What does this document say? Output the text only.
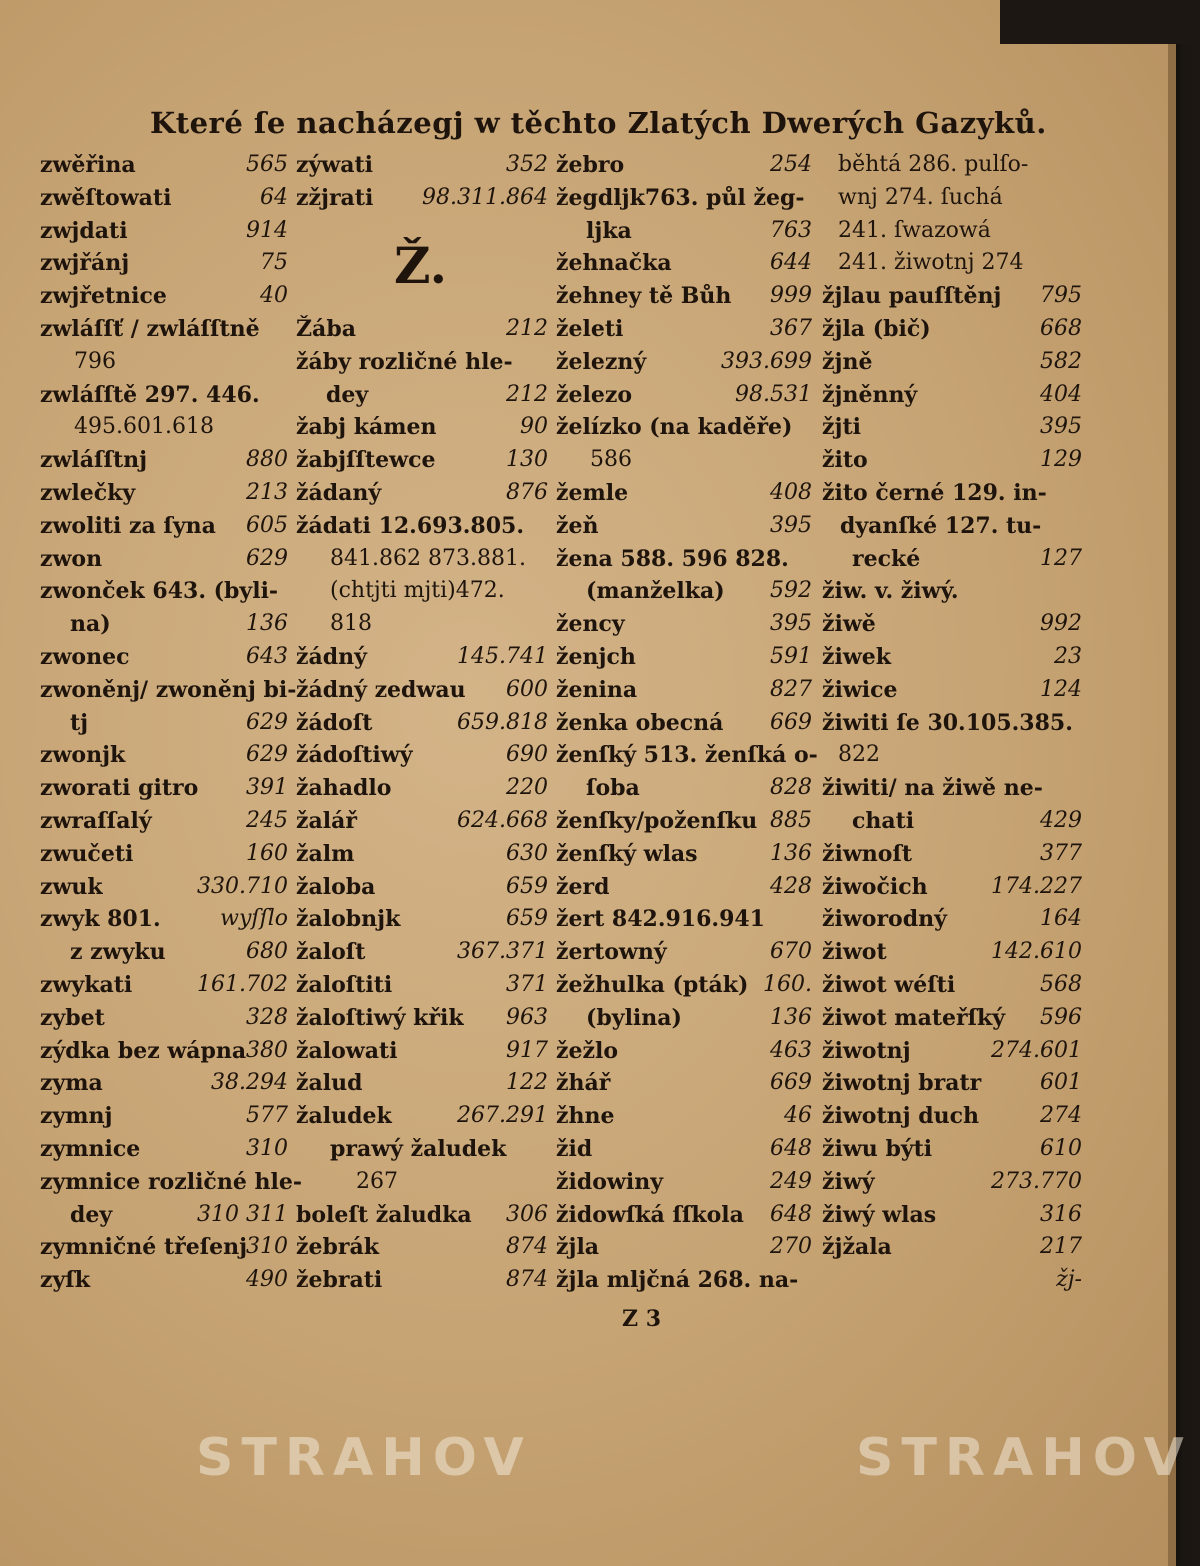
Které ſe nacházegj w těchto Zlatých Dwerých Gazyků.
Ž.
Z 3
STRAHOV	STRAHOV
zwěřina	565
zwěſtowati	64
zwjdati	914
zwjřánj	75
zwjřetnice	40
zwláſſť / zwláſſtně
796
zwláſſtě 297. 446.
495.601.618
zwláſſtnj	880
zwlečky	213
zwoliti za ſyna 605
zwon	629
zwonček 643. (byli-
na)	136
zwonec	643
zwoněnj/ zwoněnj bi-
tj	629
zwonjk	629
zworati gitro 391
zwraſſalý	245
zwučeti	160
zwuk	330.710
zwyk 801.	wyſſlo
z zwyku	680
zwykati	161.702
zybet	328
zýdka bez wápna 380
zyma	38.294
zymnj	577
zymnice	310
zymnice rozličné hle-
dey	310 311
zymničné třeſenj
310
zyſk	490
zýwati	352
zžjrati 98.311.864
Žába	212
žáby rozličné hle-
dey	212
žabj kámen	90
žabjſſtewce	130
žádaný	876
žádati 12.693.805.
841.862 873.881.
(chtjti mjti)472.
818
žádný	145.741
žádný zedwau 600
žádoſt	659.818
žádoſtiwý	690
žahadlo	220
žalář	624.668
žalm	630
žaloba	659
žalobnjk	659
žaloſt	367.371
žaloſtiti	371
žaloſtiwý křik 963
žalowati	917
žalud	122
žaludek	267.291
prawý žaludek
267
boleſt žaludka 306
žebrák	874
žebrati	874
žebro	254
žegdljk763. půl žeg-
ljka	763
žehnačka	644
žehney tě Bůh 999
želeti	367
železný	393.699
železo	98.531
želízko (na kaděře)
586
žemle	408
žeň	395
žena 588. 596 828.
(manželka) 592
žency	395
ženjch	591
ženina	827
ženka obecná 669
ženſký 513. ženſká o-
ſoba	828
ženſky/poženſku 885
ženſký wlas	136
žerd	428
žert 842.916.941
žertowný	670
žežhulka (pták) 160.
(bylina)	136
žežlo	463
žhář	669
žhne	46
žid	648
židowiny	249
židowſká ſſkola 648
žjla	270
žjla mljčná 268. na-
běhtá 286. pulſo-
wnj 274. ſuchá
241. ſwazowá
241. žiwotnj 274
žjlau pauſſtěnj 795
žjla (bič)	668
žjně	582
žjněnný	404
žjti	395
žito	129
žito černé 129. in-
dyanſké 127. tu-
recké	127
žiw. v. žiwý.
žiwě	992
žiwek	23
žiwice	124
žiwiti ſe 30.105.385.
822
žiwiti/ na žiwě ne-
chati	429
žiwnoſt	377
žiwočich	174.227
žiworodný	164
žiwot	142.610
žiwot wéſti	568
žiwot mateřſký 596
žiwotnj	274.601
žiwotnj bratr	601
žiwotnj duch	274
žiwu býti	610
žiwý	273.770
žiwý wlas	316
žjžala	217
žj-
